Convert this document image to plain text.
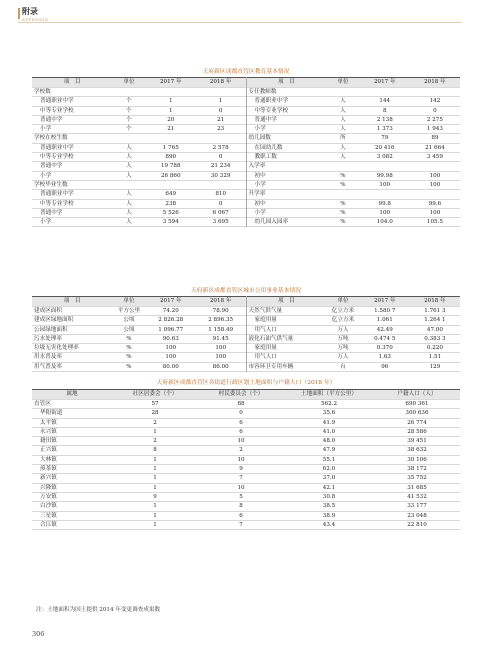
附录
APPENDIX
天府新区成都直管区教育基本情况
项　目	单位	2017 年	2018 年	项　目	单位	2017 年	2018 年
学校数				专任教师数			
普通职业中学	个	1	1	普通职业中学	人	144	142
中等专业学校	个	1	0	中等专业学校	人	8	0
普通中学	个	20	21	普通中学	人	2 138	2 275
小学	个	21	23	小学	人	1 373	1 943
学校在校生数				幼儿园数	所	79	89
普通职业中学	人	1 765	2 578	在园幼儿数	人	20 416	21 664
中等专业学校	人	890	0	教职工数	人	3 082	3 459
普通中学	人	19 788	21 234	入学率			
小学	人	26 860	30 329	初中	%	99.98	100
学校毕业生数				小学	%	100	100
普通职业中学	人	649	810	升学率			
中等专业学校	人	238	0	初中	%	99.8	99.6
普通中学	人	5 526	6 067	小学	%	100	100
小学	人	3 594	3 695	幼儿园入园率	%	104.0	105.5
天府新区成都直管区城市公用事业基本情况
项　目	单位	2017 年	2018 年	项　目	单位	2017 年	2018 年
建成区面积	平方公里	74.20	78.90	天然气供气量	亿立方米	1.580 7	1.761 3
建成区绿地面积	公顷	2 826.28	2 896.35	家庭用量	亿立方米	1.061	1.264 1
公园绿地面积	公顷	1 096.77	1 158.49	用气人口	万人	42.49	47.00
污水处理率	%	90.63	91.45	液化石油气供气量	万吨	0.474 5	0.383 3
垃圾无害化处理率	%	100	100	家庭用量	万吨	0.370	0.220
用水普及率	%	100	100	用气人口	万人	1.63	1.51
用气普及率	%	80.00	86.00	市容环卫专用车辆	台	96	129
天府新区成都直管区各街道行政区划土地面积与户籍人口（2018 年）
属地	社区居委会（个）	村民委员会（个）	土地面积（平方公里）	户籍人口（人）
直管区	57	88	562.2	690 361
华阳街道	28	0	35.6	300 636
太平镇	2	6	41.9	26 774
永兴镇	1	6	41.0	28 586
籍田镇	2	10	48.0	39 451
正兴镇	8	2	47.9	38 632
大林镇	1	10	55.1	30 106
煎茶镇	1	9	62.0	38 172
新兴镇	1	7	37.0	35 752
兴隆镇	1	10	42.1	31 685
万安镇	9	5	30.8	41 532
白沙镇	1	8	38.5	33 177
三星镇	1	6	38.9	23 048
合江镇	1	7	43.4	22 810
注：土地面积为国土提供 2014 年变更调查成果数
306
